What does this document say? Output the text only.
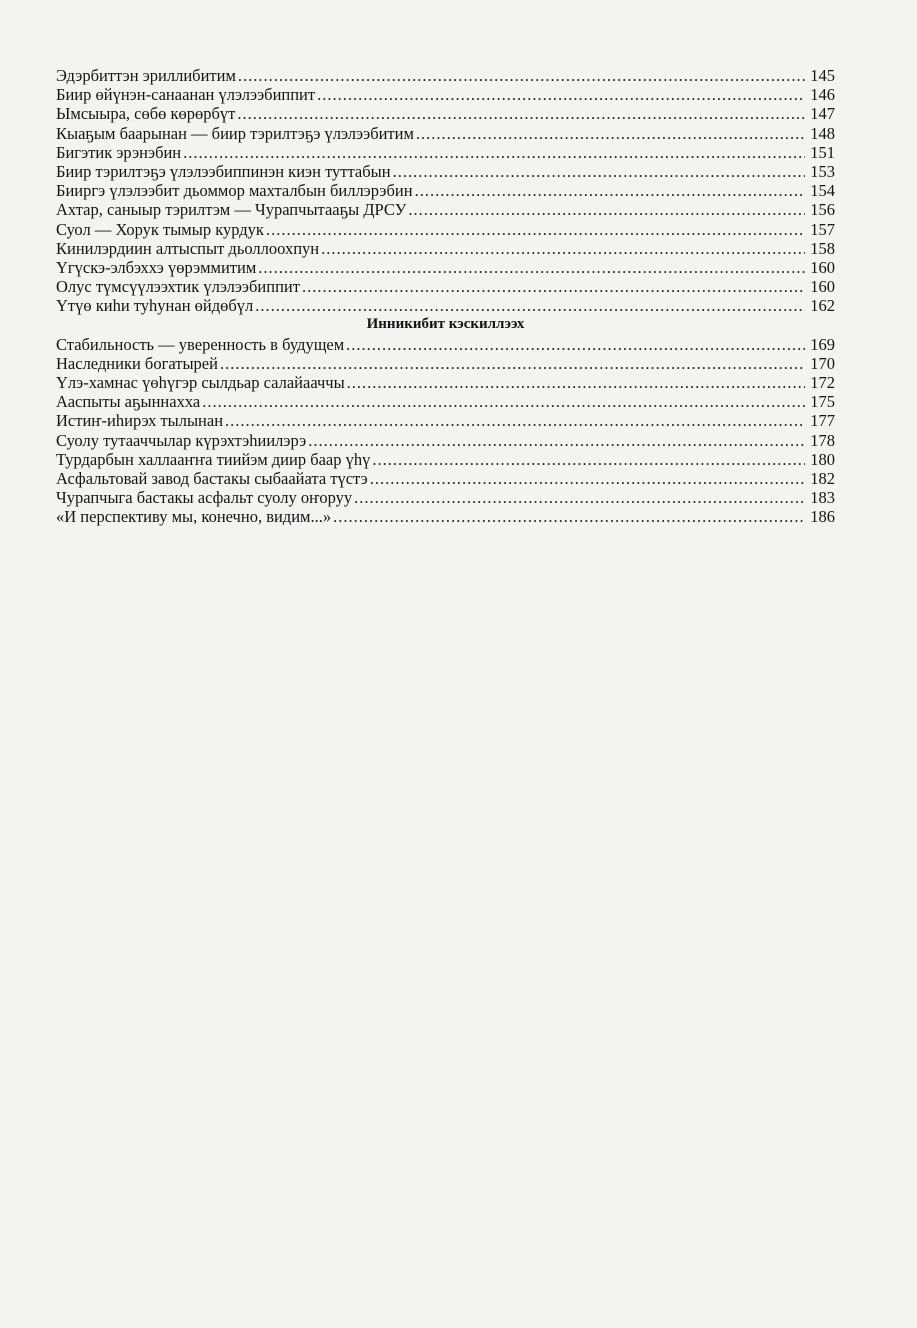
Эдэрбиттэн эриллибитим .....	145
Биир өйүнэн-санаанан үлэлээбиппит .....	146
Ымсыыра, сөбө көрөрбүт .....	147
Кыаҕым баарынан — биир тэрилтэҕэ үлэлээбитим .....	148
Бигэтик эрэнэбин .....	151
Биир тэрилтэҕэ үлэлээбиппинэн киэн туттабын .....	153
Бииргэ үлэлээбит дьоммор махталбын биллэрэбин .....	154
Ахтар, саныыр тэрилтэм — Чурапчытааҕы ДРСУ .....	156
Суол — Хорук тымыр курдук .....	157
Кинилэрдиин алтыспыт дьоллоохпун .....	158
Үгүскэ-элбэххэ үөрэммитим .....	160
Олус түмсүүлээхтик үлэлээбиппит .....	160
Үтүө киһи туһунан өйдөбүл .....	162
Инникибит кэскиллээх
Стабильность — уверенность в будущем .....	169
Наследники богатырей .....	170
Үлэ-хамнас үөһүгэр сылдьар салайааччы .....	172
Ааспыты аҕыннахха .....	175
Истиҥ-иһирэх тылынан .....	177
Суолу тутааччылар күрэхтэһиилэрэ .....	178
Турдарбын халлааҥҥа тиийэм диир баар үһү .....	180
Асфальтовай завод бастакы сыбаайата түстэ .....	182
Чурапчыга бастакы асфальт суолу оҥоруу .....	183
«И перспективу мы, конечно, видим...» .....	186
